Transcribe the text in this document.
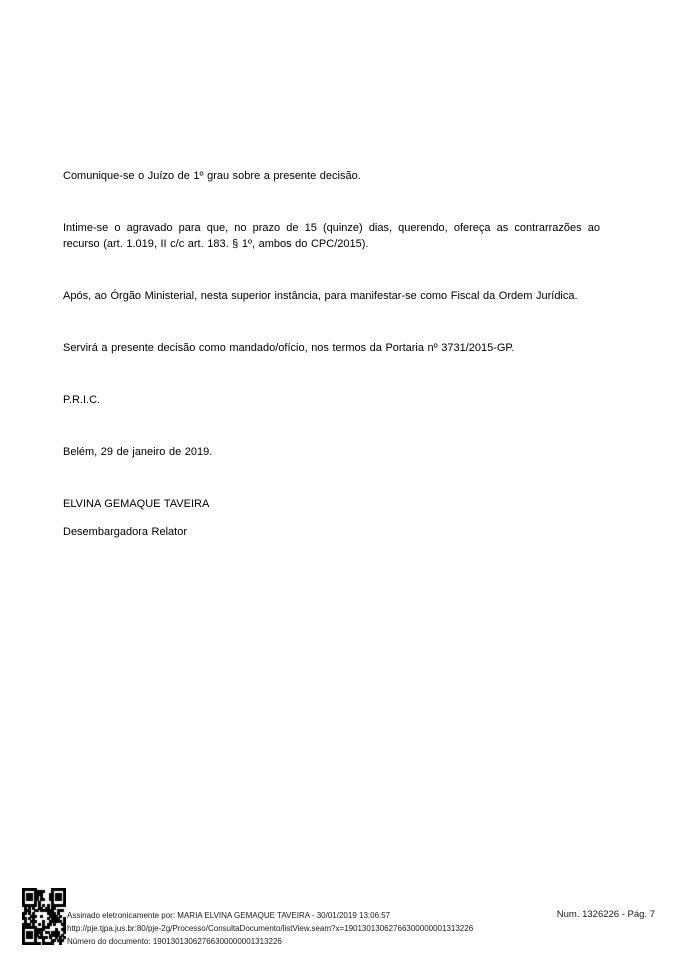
Comunique-se o Juízo de 1º grau sobre a presente decisão.

Intime-se o agravado para que, no prazo de 15 (quinze) dias, querendo, ofereça as contrarrazões ao recurso (art. 1.019, II c/c art. 183. § 1º, ambos do CPC/2015).

Após, ao Órgão Ministerial, nesta superior instância, para manifestar-se como Fiscal da Ordem Jurídica.

Servirá a presente decisão como mandado/ofício, nos termos da Portaria nº 3731/2015-GP.

P.R.I.C.

Belém, 29 de janeiro de 2019.

ELVINA GEMAQUE TAVEIRA

Desembargadora Relator

Assinado eletronicamente por: MARIA ELVINA GEMAQUE TAVEIRA - 30/01/2019 13:06:57
http://pje.tjpa.jus.br:80/pje-2g/Processo/ConsultaDocumento/listView.seam?x=19013013062766300000001313226
Número do documento: 19013013062766300000001313226
Num. 1326226 - Pág. 7
